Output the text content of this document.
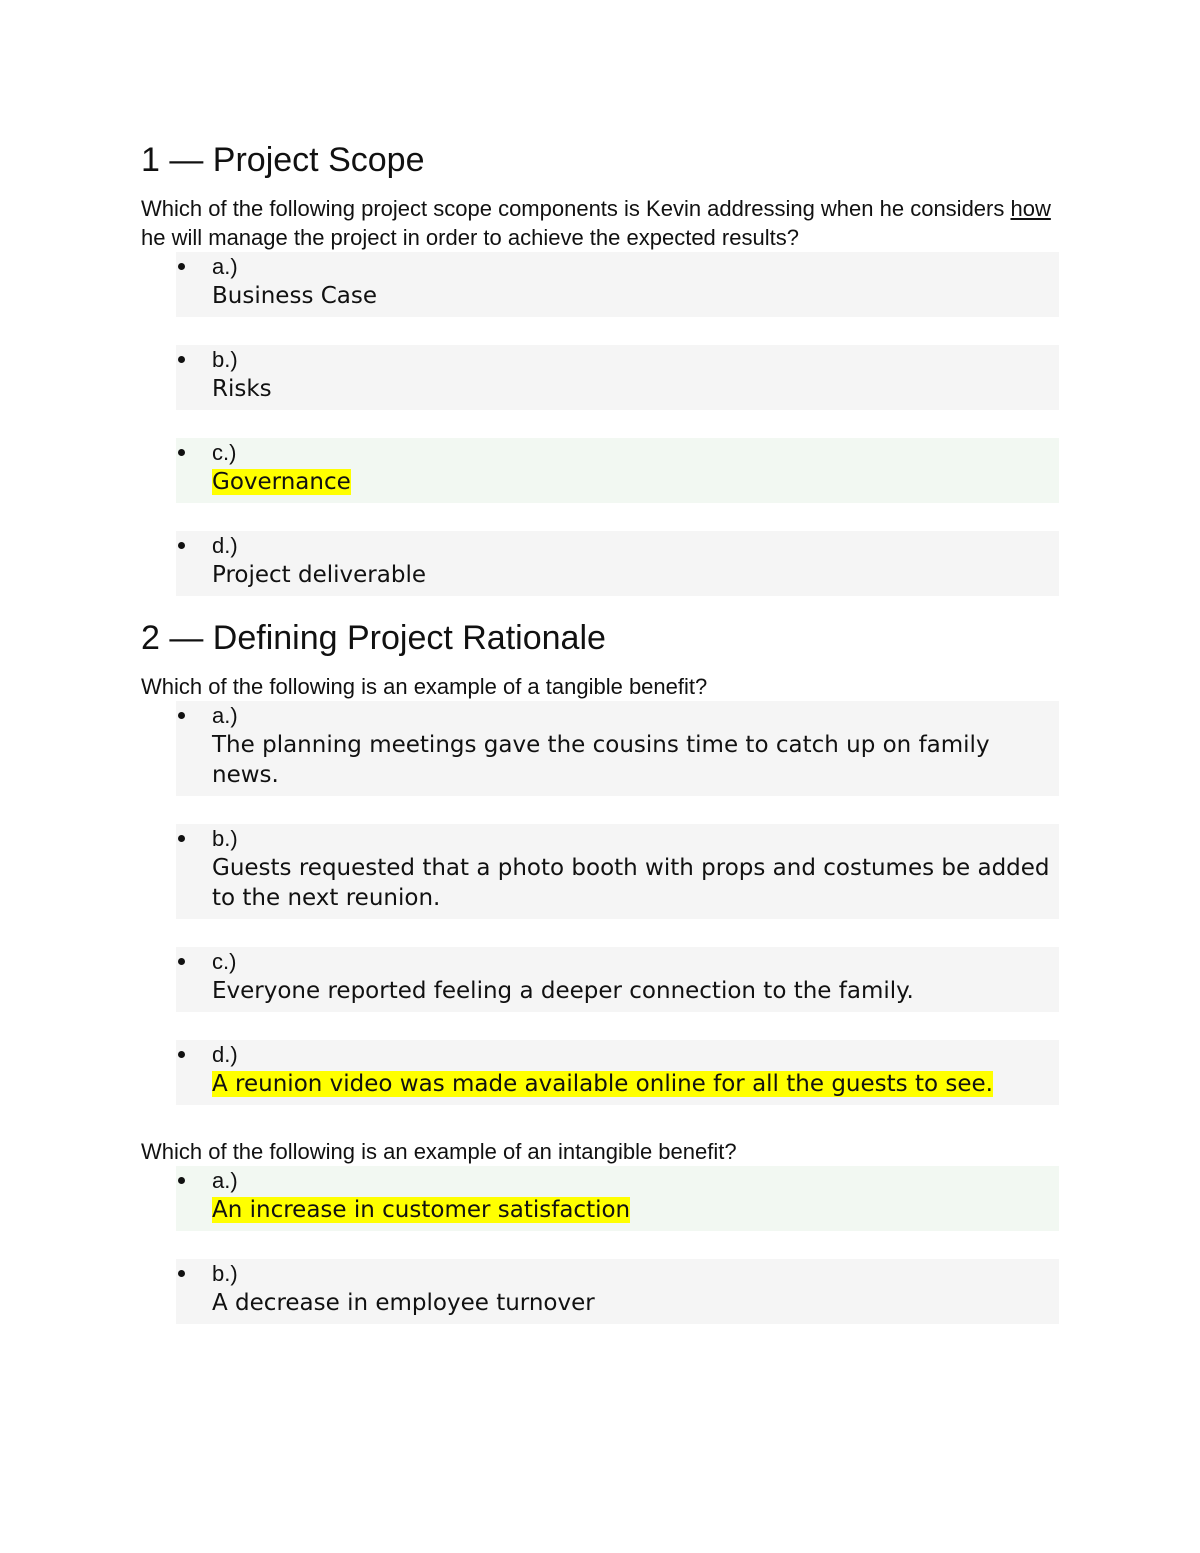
1 — Project Scope

Which of the following project scope components is Kevin addressing when he considers how he will manage the project in order to achieve the expected results?

a.)
Business Case
b.)
Risks
c.)
Governance
d.)
Project deliverable
2 — Defining Project Rationale

Which of the following is an example of a tangible benefit?

a.)
The planning meetings gave the cousins time to catch up on family news.
b.)
Guests requested that a photo booth with props and costumes be added to the next reunion.
c.)
Everyone reported feeling a deeper connection to the family.
d.)
A reunion video was made available online for all the guests to see.

Which of the following is an example of an intangible benefit?

a.)
An increase in customer satisfaction
b.)
A decrease in employee turnover
